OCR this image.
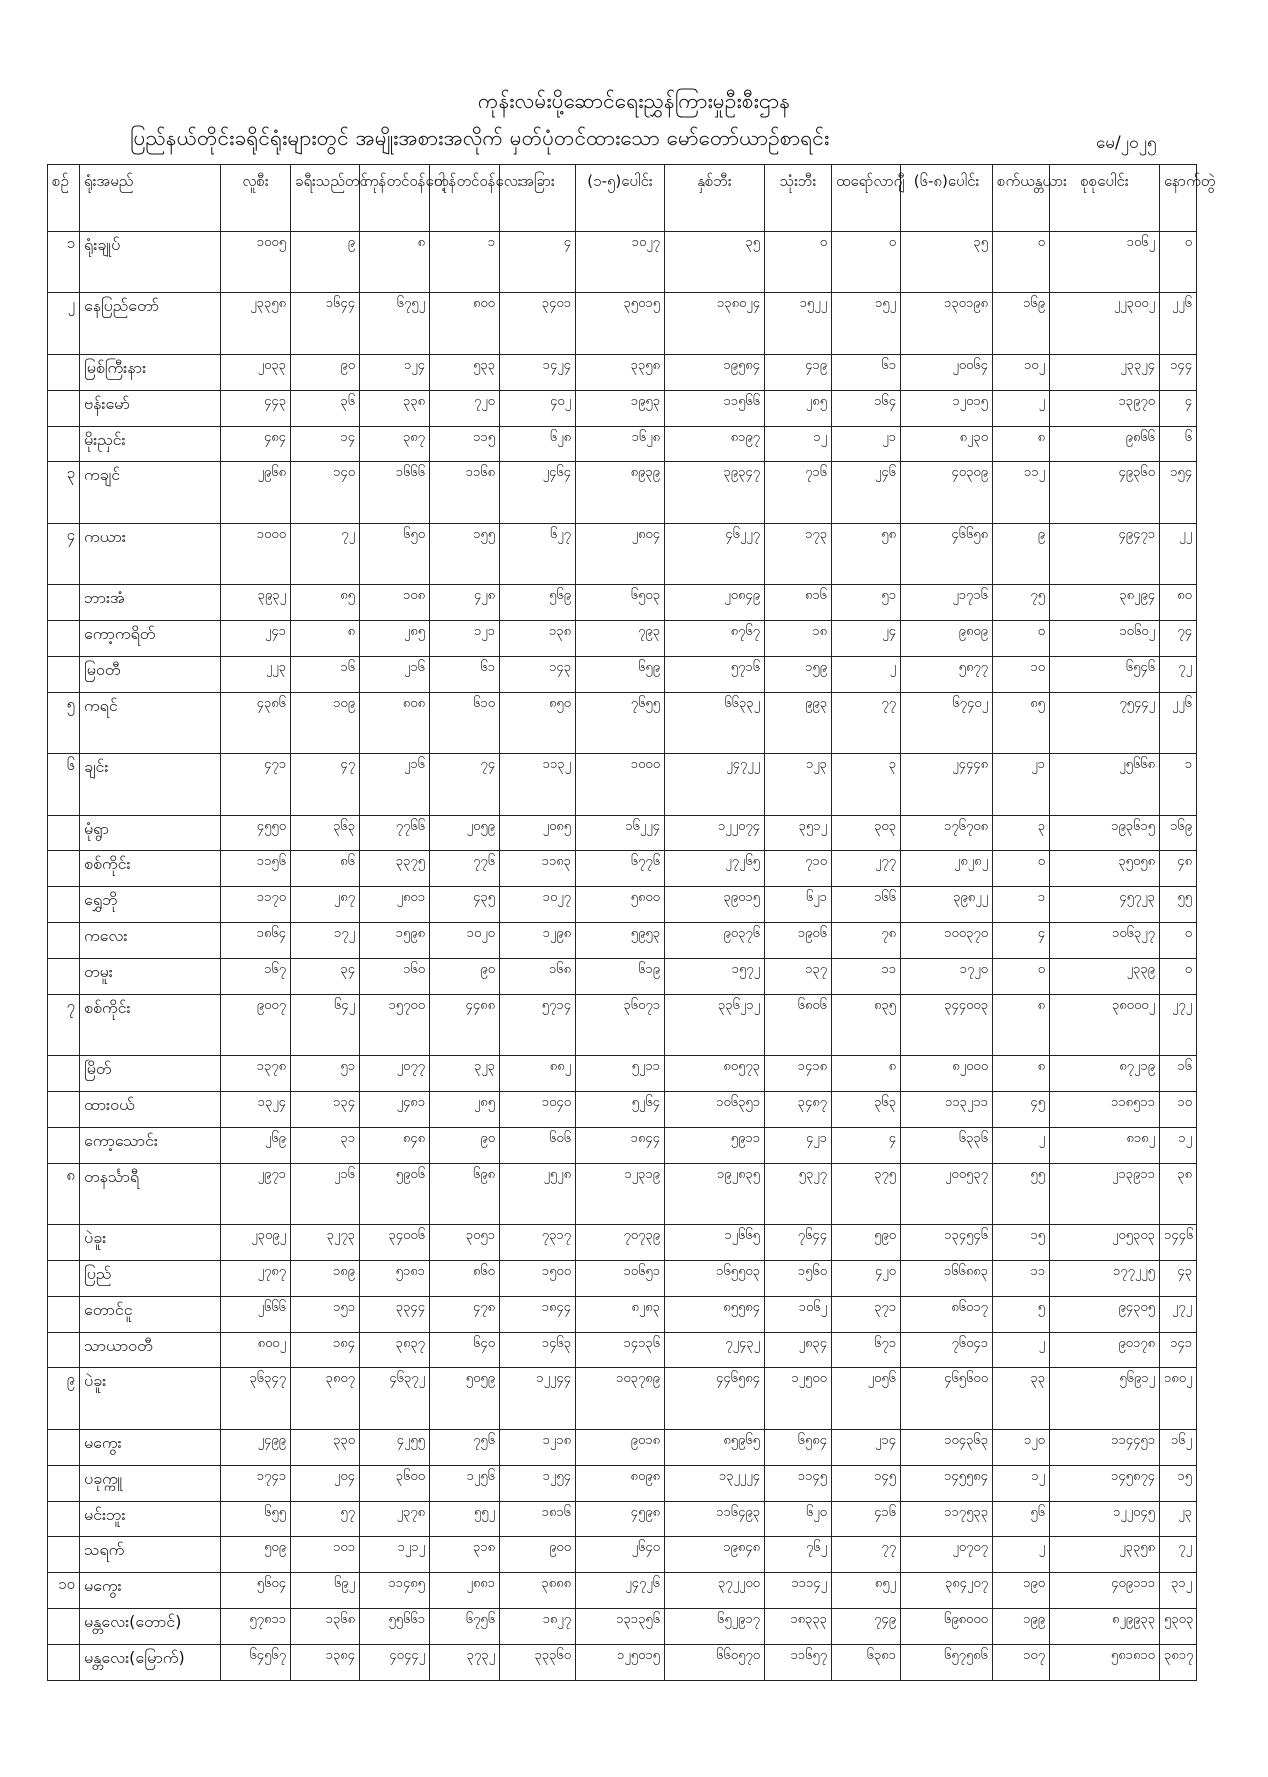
ကုန်းလမ်းပို့ဆောင်ရေးညွှန်ကြားမှုဦးစီးဌာန
ပြည်နယ်တိုင်းခရိုင်ရုံးများတွင် အမျိုးအစားအလိုက် မှတ်ပုံတင်ထားသော မော်တော်ယာဉ်စာရင်း	မေ/၂၀၂၅
စဉ်	ရုံးအမည်	လူစီး	ခရီးသည်တင်	ကုန်တင်ဝန်ပေါ့	ကုန်တင်ဝန်လေး	အခြား	(၁-၅)ပေါင်း	နှစ်ဘီး	သုံးဘီး	ထရော်လာဂျီ	(၆-၈)ပေါင်း	စက်ယန္တယား	စုစုပေါင်း	နောက်တွဲ
၁	ရုံးချုပ်	၁၀၀၅	၉	၈	၁	၄	၁၀၂၇	၃၅	၀	၀	၃၅	၀	၁၀၆၂	၀
၂	နေပြည်တော်	၂၃၃၅၈	၁၆၄၄	၆၇၅၂	၈၀၀	၃၄၀၁	၃၅၀၁၅	၁၃၈၀၂၄	၁၅၂၂	၁၅၂	၁၃၀၁၉၈	၁၆၉	၂၂၃၀၀၂	၂၂၆
	မြစ်ကြီးနား	၂၀၃၃	၉၀	၁၂၄	၅၃၃	၁၄၂၄	၃၃၅၈	၁၉၅၈၄	၄၁၉	၆၁	၂၀၀၆၄	၁၀၂	၂၃၃၂၄	၁၄၄
	ဗန်းမော်	၄၄၃	၃၆	၃၃၈	၇၂၀	၄၀၂	၁၉၅၃	၁၁၅၆၆	၂၈၅	၁၆၄	၁၂၀၁၅	၂	၁၃၉၇၀	၄
	မိုးညှင်း	၄၈၄	၁၄	၃၈၇	၁၁၅	၆၂၈	၁၆၂၈	၈၁၉၇	၁၂	၂၁	၈၂၃၀	၈	၉၈၆၆	၆
၃	ကချင်	၂၉၆၈	၁၄၀	၁၆၆၆	၁၁၆၈	၂၄၆၄	၈၉၃၉	၃၉၃၄၇	၇၁၆	၂၄၆	၄၀၃၀၉	၁၁၂	၄၉၃၆၀	၁၅၄
၄	ကယား	၁၀၀၀	၇၂	၆၅၀	၁၅၅	၆၂၇	၂၈၀၄	၄၆၂၂၇	၁၇၃	၅၈	၄၆၆၅၈	၉	၄၉၄၇၁	၂၂
	ဘားအံ	၃၉၃၂	၈၅	၁၀၈	၄၂၈	၅၆၉	၆၅၀၃	၂၀၈၄၉	၈၁၆	၅၁	၂၁၇၁၆	၇၅	၃၈၂၉၄	၈၀
	ကော့ကရိတ်	၂၄၁	၈	၂၈၅	၁၂၁	၁၃၈	၇၉၃	၈၇၆၇	၁၈	၂၄	၉၈၀၉	၀	၁၀၆၀၂	၇၄
	မြဝတီ	၂၂၃	၁၆	၂၁၆	၆၁	၁၄၃	၆၅၉	၅၇၁၆	၁၅၉	၂	၅၈၇၇	၁၀	၆၅၄၆	၇၂
၅	ကရင်	၄၃၈၆	၁၀၉	၈၀၈	၆၁၀	၈၅၀	၇၆၅၅	၆၆၃၃၂	၉၉၃	၇၇	၆၇၄၀၂	၈၅	၇၅၄၄၂	၂၂၆
၆	ချင်း	၄၇၁	၄၇	၂၁၆	၇၄	၁၁၃၂	၁၀၀၀	၂၄၇၂၂	၁၂၃	၃	၂၄၄၄၈	၂၁	၂၅၆၆၈	၁
	မုံရွာ	၄၅၅၀	၃၆၃	၇၇၆၆	၂၀၅၉	၂၀၈၅	၁၆၂၂၄	၁၂၂၀၇၄	၃၅၁၂	၃၀၃	၁၇၆၇၀၈	၃	၁၉၃၆၁၅	၁၆၉
	စစ်ကိုင်း	၁၁၅၆	၈၆	၃၃၇၅	၇၇၆	၁၁၈၃	၆၇၇၆	၂၇၂၆၅	၇၁၀	၂၇၇	၂၈၂၈၂	၀	၃၅၀၅၈	၄၈
	ရွှေဘို	၁၁၇၀	၂၈၇	၂၈၀၁	၄၃၅	၁၀၂၇	၅၈၀၀	၃၉၀၁၅	၆၂၁	၁၆၆	၃၉၈၂၂	၁	၄၅၇၂၃	၅၅
	ကလေး	၁၈၆၄	၁၇၂	၁၅၉၈	၁၀၂၀	၁၂၉၈	၅၉၅၃	၉၀၃၇၆	၁၉၀၆	၇၈	၁၀၀၃၇၀	၄	၁၀၆၃၂၇	၀
	တမူး	၁၆၇	၃၄	၁၆၀	၉၀	၁၆၈	၆၁၉	၁၅၇၂	၁၃၇	၁၁	၁၇၂၀	၀	၂၃၃၉	၀
၇	စစ်ကိုင်း	၉၀၀၇	၆၄၂	၁၅၇၀၀	၄၄၈၈	၅၇၁၄	၃၆၀၇၁	၃၃၆၂၁၂	၆၈၀၆	၈၃၅	၃၄၄၀၀၃	၈	၃၈၀၀၀၂	၂၇၂
	မြိတ်	၁၃၇၈	၅၁	၂၀၇၇	၃၂၃	၈၈၂	၅၂၁၁	၈၀၅၇၃	၁၄၁၈	၈	၈၂၀၀၀	၈	၈၇၂၁၉	၁၆
	ထားဝယ်	၁၃၂၄	၁၃၄	၂၄၈၁	၂၈၅	၁၀၄၀	၅၂၆၄	၁၀၆၃၅၁	၃၄၈၇	၃၆၃	၁၁၃၂၁၁	၄၅	၁၁၈၅၁၁	၁၀
	ကော့သောင်း	၂၆၉	၃၁	၈၄၈	၉၀	၆၀၆	၁၈၄၄	၅၉၁၁	၄၂၁	၄	၆၃၃၆	၂	၈၁၈၂	၁၂
၈	တနင်္သာရီ	၂၉၇၁	၂၁၆	၅၉၀၆	၆၉၈	၂၅၂၈	၁၂၃၁၉	၁၉၂၈၃၅	၅၃၂၇	၃၇၅	၂၀၀၅၃၇	၅၅	၂၁၃၉၁၁	၃၈
	ပဲခူး	၂၃၀၉၂	၃၂၇၃	၃၄၀၀၆	၃၀၅၁	၇၃၁၇	၇၀၇၃၉	၁၂၆၆၅	၇၆၄၄	၅၉၀	၁၃၄၅၄၆	၁၅	၂၀၅၃၀၃	၁၄၄၆
	ပြည်	၂၇၈၇	၁၈၉	၅၁၈၁	၈၆၀	၁၅၀၀	၁၀၆၅၁	၁၆၅၅၀၃	၁၅၆၀	၄၂၀	၁၆၆၈၈၃	၁၁	၁၇၇၂၂၅	၄၃
	တောင်ငူ	၂၆၆၆	၁၅၁	၃၃၄၄	၄၇၈	၁၈၄၄	၈၂၈၃	၈၅၅၈၄	၁၀၆၂	၃၇၁	၈၆၀၁၇	၅	၉၄၃၀၅	၂၇၂
	သာယာဝတီ	၈၀၀၂	၁၈၄	၃၈၃၇	၆၄၀	၁၄၆၃	၁၄၁၃၆	၇၂၄၃၂	၂၈၃၄	၆၇၁	၇၆၀၄၁	၂	၉၀၁၇၈	၁၄၁
၉	ပဲခူး	၃၆၃၄၇	၃၈၀၇	၄၆၃၇၂	၅၀၅၉	၁၂၂၄၄	၁၀၃၇၈၉	၄၄၆၅၈၄	၁၂၅၀၀	၂၀၅၆	၄၆၅၆၀၀	၃၃	၅၆၉၁၂	၁၈၀၂
	မကွေး	၂၄၉၉	၃၃၀	၄၂၅၅	၇၅၆	၁၂၁၈	၉၀၁၈	၈၅၉၆၅	၆၅၈၄	၂၁၄	၁၀၄၃၆၃	၁၂၀	၁၁၄၄၅၁	၁၆၂
	ပခုက္ကူ	၁၇၄၁	၂၀၄	၃၆၀၀	၁၂၅၆	၁၂၅၄	၈၀၉၈	၁၃၂၂၂၄	၁၁၄၅	၁၄၅	၁၄၅၅၈၄	၁၂	၁၄၅၈၇၄	၁၅
	မင်းဘူး	၆၅၅	၅၇	၂၃၇၈	၅၅၂	၁၈၁၆	၄၅၉၈	၁၁၆၄၉၃	၆၂၀	၄၁၆	၁၁၇၅၃၃	၅၆	၁၂၂၀၄၅	၂၃
	သရက်	၅၀၉	၁၀၁	၁၂၁၂	၃၁၈	၉၀၀	၂၆၄၀	၁၉၈၄၈	၇၆၂	၇၇	၂၀၇၀၇	၂	၂၃၃၅၈	၇၂
၁၀	မကွေး	၅၆၀၄	၆၉၂	၁၁၄၈၅	၂၈၈၁	၃၈၈၈	၂၄၇၂၆	၃၇၂၂၀၀	၁၁၁၄၂	၈၅၂	၃၈၄၂၀၇	၁၉၀	၄၀၉၁၁၁	၃၁၂
	မန္တလေး(တောင်)	၅၇၈၁၁	၁၃၆၈	၅၅၆၆၁	၆၇၅၆	၁၈၂၇	၁၃၁၃၅၆	၆၅၂၉၁၇	၁၈၃၃၃	၇၄၉	၆၉၈၀၀၀	၁၉၉	၈၂၉၉၃၃	၅၃၀၃
	မန္တလေး(မြောက်)	၆၄၅၆၇	၁၃၈၄	၄၀၄၄၂	၃၇၃၂	၃၃၃၆၀	၁၂၅၀၁၅	၆၆၀၅၇၀	၁၁၆၅၇	၆၃၈၁	၆၅၇၅၈၆	၁၀၇	၅၈၁၈၁၀	၃၈၁၇
